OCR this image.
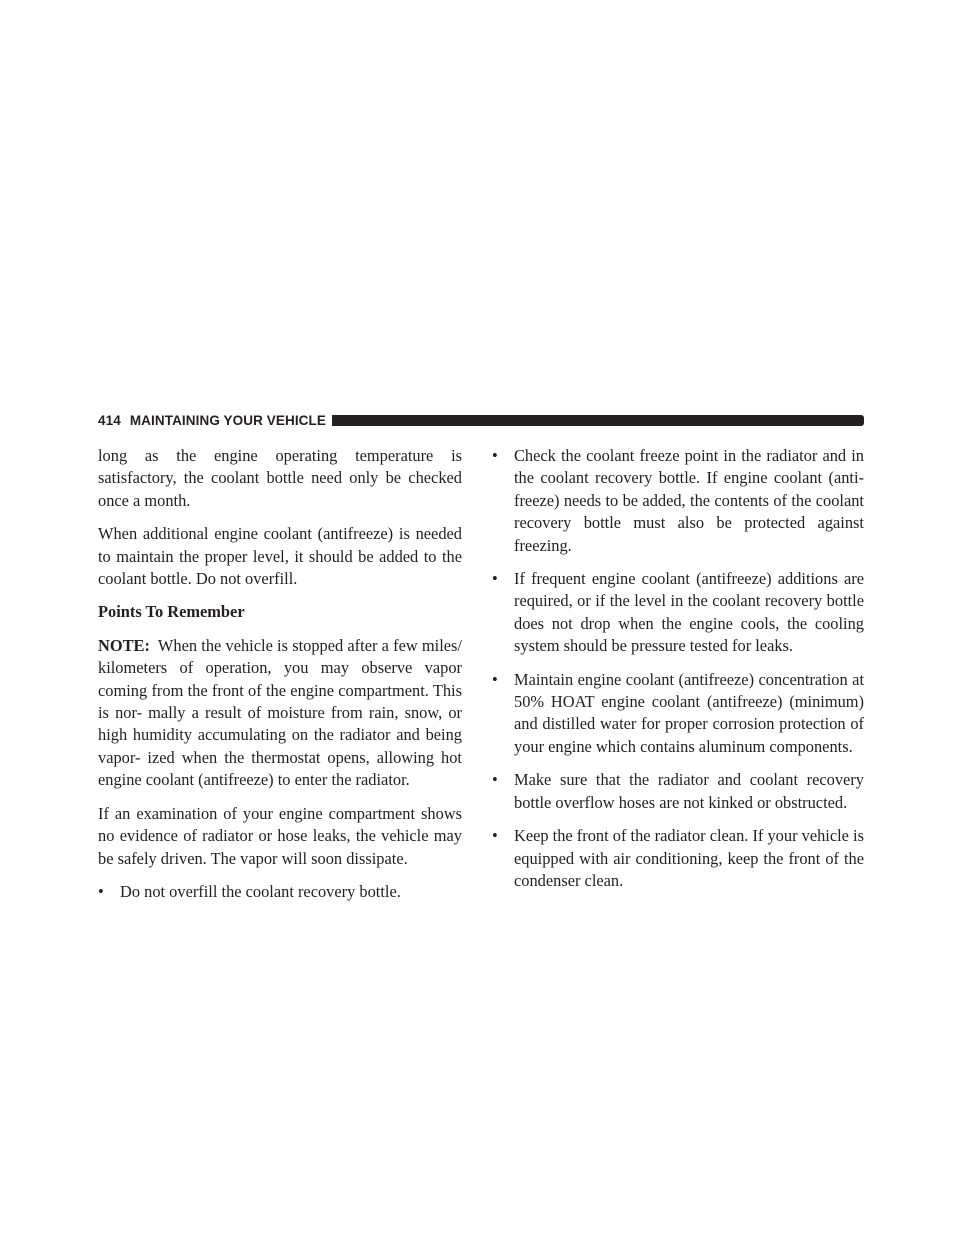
414 MAINTAINING YOUR VEHICLE

long as the engine operating temperature is satisfactory, the coolant bottle need only be checked once a month.

When additional engine coolant (antifreeze) is needed to maintain the proper level, it should be added to the coolant bottle. Do not overfill.

Points To Remember

NOTE: When the vehicle is stopped after a few miles/ kilometers of operation, you may observe vapor coming from the front of the engine compartment. This is nor- mally a result of moisture from rain, snow, or high humidity accumulating on the radiator and being vapor- ized when the thermostat opens, allowing hot engine coolant (antifreeze) to enter the radiator.

If an examination of your engine compartment shows no evidence of radiator or hose leaks, the vehicle may be safely driven. The vapor will soon dissipate.

• Do not overfill the coolant recovery bottle.
• Check the coolant freeze point in the radiator and in the coolant recovery bottle. If engine coolant (anti- freeze) needs to be added, the contents of the coolant recovery bottle must also be protected against freezing.
• If frequent engine coolant (antifreeze) additions are required, or if the level in the coolant recovery bottle does not drop when the engine cools, the cooling system should be pressure tested for leaks.
• Maintain engine coolant (antifreeze) concentration at 50% HOAT engine coolant (antifreeze) (minimum) and distilled water for proper corrosion protection of your engine which contains aluminum components.
• Make sure that the radiator and coolant recovery bottle overflow hoses are not kinked or obstructed.
• Keep the front of the radiator clean. If your vehicle is equipped with air conditioning, keep the front of the condenser clean.
